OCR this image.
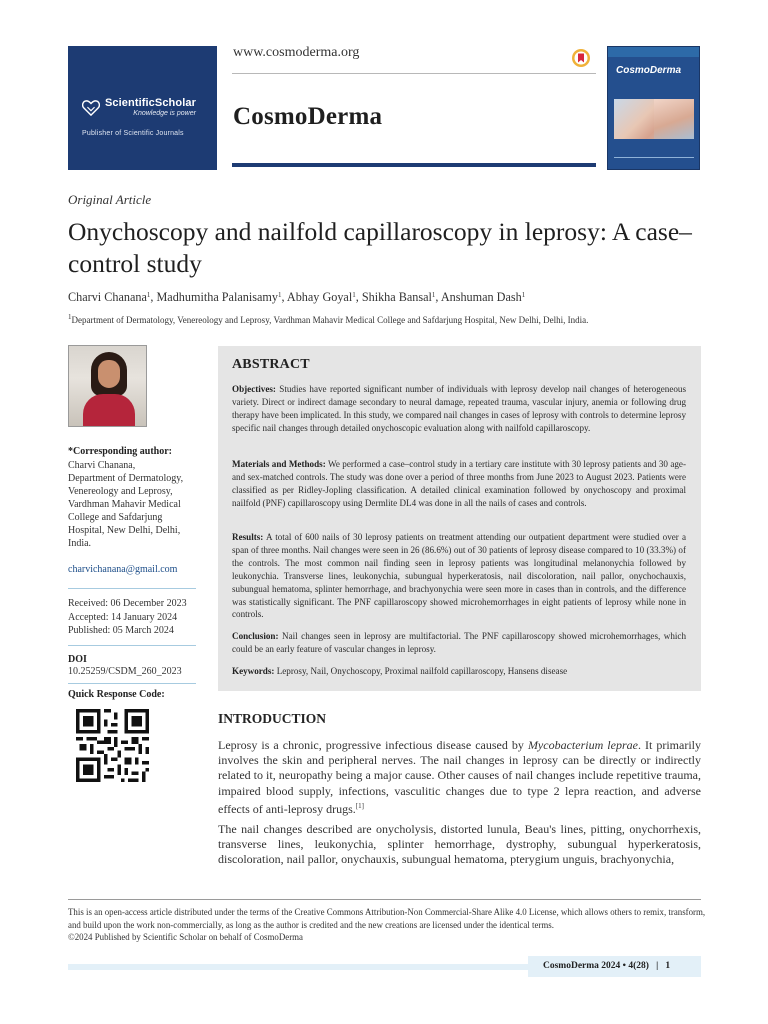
ScientificScholar
Knowledge is power
Publisher of Scientific Journals
www.cosmoderma.org
CosmoDerma
CosmoDerma
Original Article
Onychoscopy and nailfold capillaroscopy in leprosy: A case–control study
Charvi Chanana$^1$, Madhumitha Palanisamy$^1$, Abhay Goyal$^1$, Shikha Bansal$^1$, Anshuman Dash$^1$
$^1$Department of Dermatology, Venereology and Leprosy, Vardhman Mahavir Medical College and Safdarjung Hospital, New Delhi, Delhi, India.
*Corresponding author:
Charvi Chanana,
Department of Dermatology,
Venereology and Leprosy,
Vardhman Mahavir Medical
College and Safdarjung
Hospital, New Delhi, Delhi,
India.
charvichanana@gmail.com
Received: 06 December 2023
Accepted: 14 January 2024
Published: 05 March 2024
DOI
10.25259/CSDM_260_2023
Quick Response Code:
ABSTRACT

Objectives: Studies have reported significant number of individuals with leprosy develop nail changes of heterogeneous variety. Direct or indirect damage secondary to neural damage, repeated trauma, vascular injury, anemia or following drug therapy have been implicated. In this study, we compared nail changes in cases of leprosy with controls to determine leprosy specific nail changes through detailed onychoscopic evaluation along with nailfold capillaroscopy.

Materials and Methods: We performed a case–control study in a tertiary care institute with 30 leprosy patients and 30 age- and sex-matched controls. The study was done over a period of three months from June 2023 to August 2023. Patients were classified as per Ridley-Jopling classification. A detailed clinical examination followed by onychoscopy and proximal nailfold (PNF) capillaroscopy using Dermlite DL4 was done in all the nails of cases and controls.

Results: A total of 600 nails of 30 leprosy patients on treatment attending our outpatient department were studied over a span of three months. Nail changes were seen in 26 (86.6%) out of 30 patients of leprosy disease compared to 10 (33.3%) of the controls. The most common nail finding seen in leprosy patients was longitudinal melanonychia followed by leukonychia. Transverse lines, leukonychia, subungual hyperkeratosis, nail discoloration, nail pallor, onychochauxis, subungual hematoma, splinter hemorrhage, and brachyonychia were seen more in cases than in controls, and the difference was statistically significant. The PNF capillaroscopy showed microhemorrhages in eight patients of leprosy while none in controls.

Conclusion: Nail changes seen in leprosy are multifactorial. The PNF capillaroscopy showed microhemorrhages, which could be an early feature of vascular changes in leprosy.

Keywords: Leprosy, Nail, Onychoscopy, Proximal nailfold capillaroscopy, Hansens disease

INTRODUCTION

Leprosy is a chronic, progressive infectious disease caused by Mycobacterium leprae. It primarily involves the skin and peripheral nerves. The nail changes in leprosy can be directly or indirectly related to it, neuropathy being a major cause. Other causes of nail changes include repetitive trauma, impaired blood supply, infections, vasculitic changes due to type 2 lepra reaction, and adverse effects of anti-leprosy drugs.[1]

The nail changes described are onycholysis, distorted lunula, Beau's lines, pitting, onychorrhexis, transverse lines, leukonychia, splinter hemorrhage, dystrophy, subungual hyperkeratosis, discoloration, nail pallor, onychauxis, subungual hematoma, pterygium unguis, brachyonychia,

This is an open-access article distributed under the terms of the Creative Commons Attribution-Non Commercial-Share Alike 4.0 License, which allows others to remix, transform, and build upon the work non-commercially, as long as the author is credited and the new creations are licensed under the identical terms.
©2024 Published by Scientific Scholar on behalf of CosmoDerma
CosmoDerma 2024 • 4(28) | 1
